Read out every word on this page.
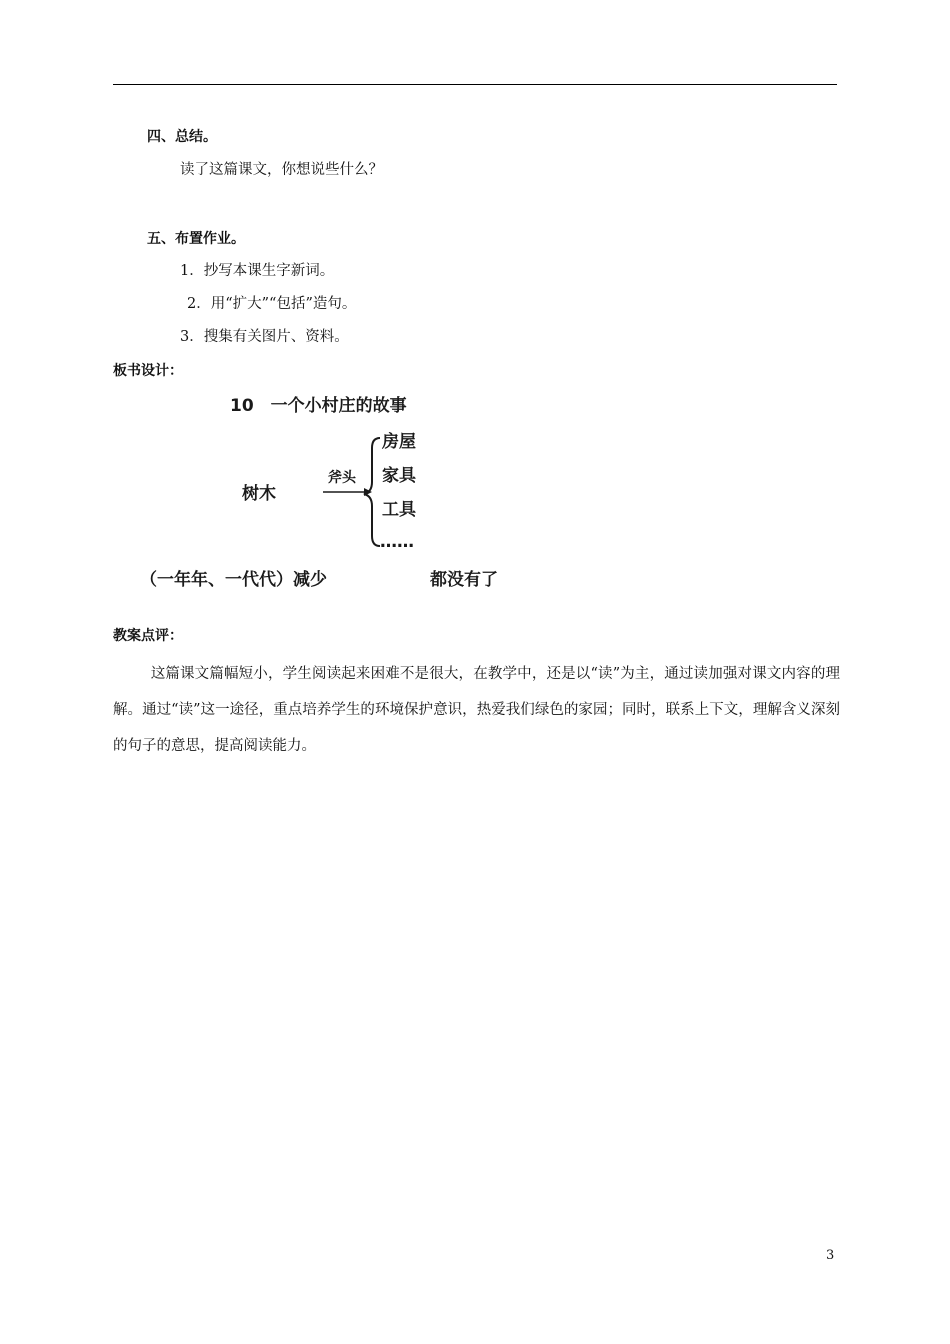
四、总结。
读了这篇课文，你想说些什么？
五、布置作业。
1．抄写本课生字新词。
2．用“扩大”“包括”造句。
3．搜集有关图片、资料。
板书设计：
10　一个小村庄的故事
树木
斧头
房屋
家具
工具
……
（一年年、一代代）减少	都没有了
教案点评：
这篇课文篇幅短小，学生阅读起来困难不是很大，在教学中，还是以“读”为主，通过读加强对课文内容的理解。通过“读”这一途径，重点培养学生的环境保护意识，热爱我们绿色的家园；同时，联系上下文，理解含义深刻的句子的意思，提高阅读能力。
3
